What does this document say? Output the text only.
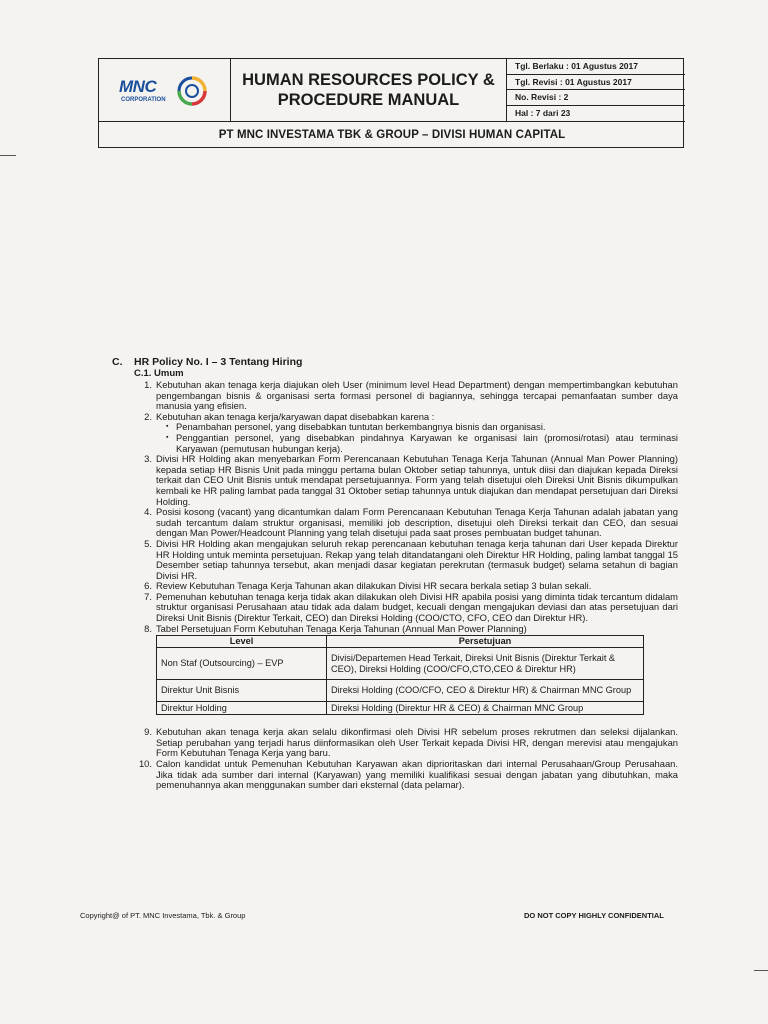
MNC
CORPORATION
HUMAN RESOURCES POLICY &
PROCEDURE MANUAL
Tgl. Berlaku : 01 Agustus 2017
Tgl. Revisi : 01 Agustus 2017
No. Revisi : 2
Hal : 7 dari 23
PT MNC INVESTAMA TBK & GROUP – DIVISI HUMAN CAPITAL
C. HR Policy No. I – 3 Tentang Hiring
C.1. Umum
1. Kebutuhan akan tenaga kerja diajukan oleh User (minimum level Head Department) dengan mempertimbangkan kebutuhan pengembangan bisnis & organisasi serta formasi personel di bagiannya, sehingga tercapai pemanfaatan sumber daya manusia yang efisien.
2. Kebutuhan akan tenaga kerja/karyawan dapat disebabkan karena :
▪ Penambahan personel, yang disebabkan tuntutan berkembangnya bisnis dan organisasi.
▪ Penggantian personel, yang disebabkan pindahnya Karyawan ke organisasi lain (promosi/rotasi) atau terminasi Karyawan (pemutusan hubungan kerja).
3. Divisi HR Holding akan menyebarkan Form Perencanaan Kebutuhan Tenaga Kerja Tahunan (Annual Man Power Planning) kepada setiap HR Bisnis Unit pada minggu pertama bulan Oktober setiap tahunnya, untuk diisi dan diajukan kepada Direksi terkait dan CEO Unit Bisnis untuk mendapat persetujuannya. Form yang telah disetujui oleh Direksi Unit Bisnis dikumpulkan kembali ke HR paling lambat pada tanggal 31 Oktober setiap tahunnya untuk diajukan dan mendapat persetujuan dari Direksi Holding.
4. Posisi kosong (vacant) yang dicantumkan dalam Form Perencanaan Kebutuhan Tenaga Kerja Tahunan adalah jabatan yang sudah tercantum dalam struktur organisasi, memiliki job description, disetujui oleh Direksi terkait dan CEO, dan sesuai dengan Man Power/Headcount Planning yang telah disetujui pada saat proses pembuatan budget tahunan.
5. Divisi HR Holding akan mengajukan seluruh rekap perencanaan kebutuhan tenaga kerja tahunan dari User kepada Direktur HR Holding untuk meminta persetujuan. Rekap yang telah ditandatangani oleh Direktur HR Holding, paling lambat tanggal 15 Desember setiap tahunnya tersebut, akan menjadi dasar kegiatan perekrutan (termasuk budget) selama setahun di bagian Divisi HR.
6. Review Kebutuhan Tenaga Kerja Tahunan akan dilakukan Divisi HR secara berkala setiap 3 bulan sekali.
7. Pemenuhan kebutuhan tenaga kerja tidak akan dilakukan oleh Divisi HR apabila posisi yang diminta tidak tercantum didalam struktur organisasi Perusahaan atau tidak ada dalam budget, kecuali dengan mengajukan deviasi dan atas persetujuan dari Direksi Unit Bisnis (Direktur Terkait, CEO) dan Direksi Holding (COO/CTO, CFO, CEO dan Direktur HR).
8. Tabel Persetujuan Form Kebutuhan Tenaga Kerja Tahunan (Annual Man Power Planning)
Level	Persetujuan
Non Staf (Outsourcing) – EVP	Divisi/Departemen Head Terkait, Direksi Unit Bisnis (Direktur Terkait & CEO), Direksi Holding (COO/CFO,CTO,CEO & Direktur HR)
Direktur Unit Bisnis	Direksi Holding (COO/CFO, CEO & Direktur HR) & Chairman MNC Group
Direktur Holding	Direksi Holding (Direktur HR & CEO) & Chairman MNC Group
9. Kebutuhan akan tenaga kerja akan selalu dikonfirmasi oleh Divisi HR sebelum proses rekrutmen dan seleksi dijalankan. Setiap perubahan yang terjadi harus diinformasikan oleh User Terkait kepada Divisi HR, dengan merevisi atau mengajukan Form Kebutuhan Tenaga Kerja yang baru.
10. Calon kandidat untuk Pemenuhan Kebutuhan Karyawan akan diprioritaskan dari internal Perusahaan/Group Perusahaan. Jika tidak ada sumber dari internal (Karyawan) yang memiliki kualifikasi sesuai dengan jabatan yang dibutuhkan, maka pemenuhannya akan menggunakan sumber dari eksternal (data pelamar).
Copyright@ of PT. MNC Investama, Tbk. & Group	DO NOT COPY HIGHLY CONFIDENTIAL
